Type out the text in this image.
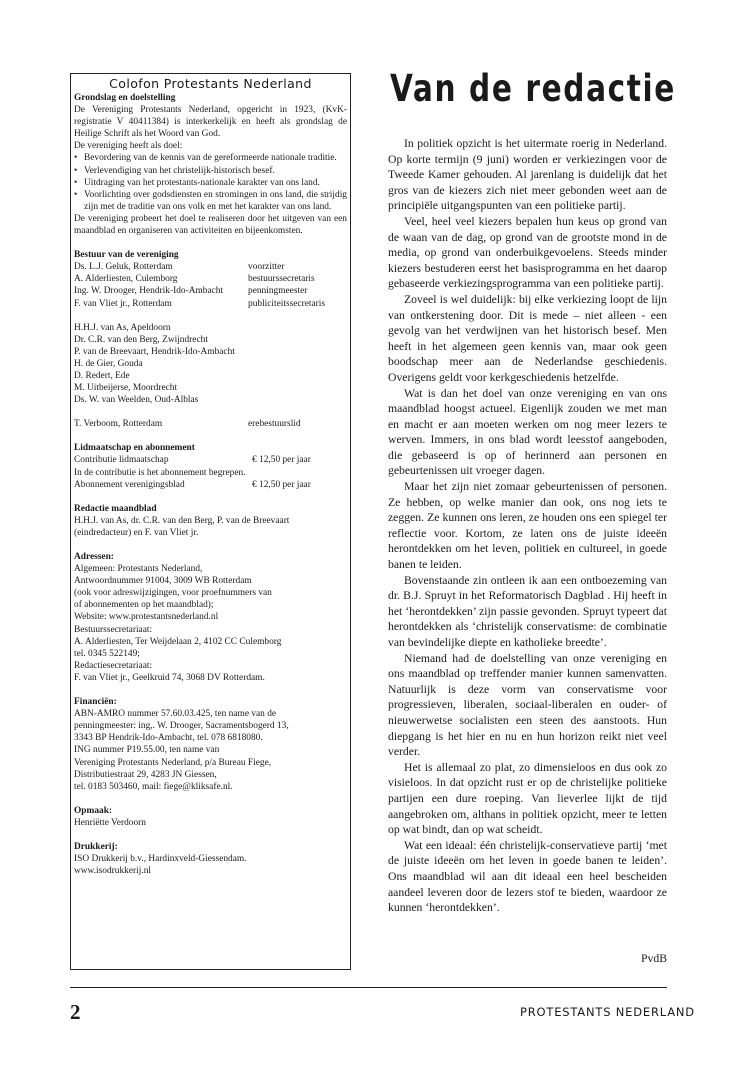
Colofon Protestants Nederland
Grondslag en doelstelling
De Vereniging Protestants Nederland, opgericht in 1923, (KvK-registratie V 40411384) is interkerkelijk en heeft als grondslag de Heilige Schrift als het Woord van God.
De vereniging heeft als doel:
• Bevordering van de kennis van de gereformeerde nationale traditie.
• Verlevendiging van het christelijk-historisch besef.
• Uitdraging van het protestants-nationale karakter van ons land.
• Voorlichting over godsdiensten en stromingen in ons land, die strijdig zijn met de traditie van ons volk en met het karakter van ons land.
De vereniging probeert het doel te realiseren door het uitgeven van een maandblad en organiseren van activiteiten en bijeenkomsten.
Bestuur van de vereniging
Ds. L.J. Geluk, Rotterdam	voorzitter
A. Alderliesten, Culemborg	bestuurssecretaris
Ing. W. Drooger, Hendrik-Ido-Ambacht	penningmeester
F. van Vliet jr., Rotterdam	publiciteitssecretaris
H.H.J. van As, Apeldoorn
Dr. C.R. van den Berg, Zwijndrecht
P. van de Breevaart, Hendrik-Ido-Ambacht
H. de Gier, Gouda
D. Redert, Ede
M. Uitbeijerse, Moordrecht
Ds. W. van Weelden, Oud-Alblas
T. Verboom, Rotterdam	erebestuurslid
Lidmaatschap en abonnement
Contributie lidmaatschap	€ 12,50 per jaar
In de contributie is het abonnement begrepen.
Abonnement verenigingsblad	€ 12,50 per jaar
Redactie maandblad
H.H.J. van As, dr. C.R. van den Berg, P. van de Breevaart (eindredacteur) en F. van Vliet jr.
Adressen:
Algemeen: Protestants Nederland,
Antwoordnummer 91004, 3009 WB Rotterdam
(ook voor adreswijzigingen, voor proefnummers van
of abonnementen op het maandblad);
Website: www.protestantsnederland.nl
Bestuurssecretariaat:
A. Alderliesten, Ter Weijdelaan 2, 4102 CC Culemborg
tel. 0345 522149;
Redactiesecretariaat:
F. van Vliet jr., Geelkruid 74, 3068 DV Rotterdam.
Financiën:
ABN-AMRO nummer 57.60.03.425, ten name van de
penningmeester: ing,. W. Drooger, Sacramentsbogerd 13,
3343 BP Hendrik-Ido-Ambacht, tel. 078 6818080.
ING nummer P19.55.00, ten name van
Vereniging Protestants Nederland, p/a Bureau Fiege,
Distributiestraat 29, 4283 JN Giessen,
tel. 0183 503460, mail: fiege@kliksafe.nl.
Opmaak:
Henriëtte Verdoorn
Drukkerij:
ISO Drukkerij b.v., Hardinxveld-Giessendam.
www.isodrukkerij.nl
Van de redactie

In politiek opzicht is het uitermate roerig in Nederland. Op korte termijn (9 juni) worden er verkiezingen voor de Tweede Kamer gehouden. Al jarenlang is duidelijk dat het gros van de kiezers zich niet meer gebonden weet aan de principiële uitgangspunten van een politieke partij.

Veel, heel veel kiezers bepalen hun keus op grond van de waan van de dag, op grond van de grootste mond in de media, op grond van onderbuikgevoelens. Steeds minder kiezers bestuderen eerst het basisprogramma en het daarop gebaseerde verkiezingsprogramma van een politieke partij.

Zoveel is wel duidelijk: bij elke verkiezing loopt de lijn van ontkerstening door. Dit is mede – niet alleen - een gevolg van het verdwijnen van het historisch besef. Men heeft in het algemeen geen kennis van, maar ook geen boodschap meer aan de Nederlandse geschiedenis. Overigens geldt voor kerkgeschiedenis hetzelfde.

Wat is dan het doel van onze vereniging en van ons maandblad hoogst actueel. Eigenlijk zouden we met man en macht er aan moeten werken om nog meer lezers te werven. Immers, in ons blad wordt leesstof aangeboden, die gebaseerd is op of herinnerd aan personen en gebeurtenissen uit vroeger dagen.

Maar het zijn niet zomaar gebeurtenissen of personen. Ze hebben, op welke manier dan ook, ons nog iets te zeggen. Ze kunnen ons leren, ze houden ons een spiegel ter reflectie voor. Kortom, ze laten ons de juiste ideeën herontdekken om het leven, politiek en cultureel, in goede banen te leiden.

Bovenstaande zin ontleen ik aan een ontboezeming van dr. B.J. Spruyt in het Reformatorisch Dagblad . Hij heeft in het ‘herontdekken’ zijn passie gevonden. Spruyt typeert dat herontdekken als ‘christelijk conservatisme: de combinatie van bevindelijke diepte en katholieke breedte’.

Niemand had de doelstelling van onze vereniging en ons maandblad op treffender manier kunnen samenvatten. Natuurlijk is deze vorm van conservatisme voor progressieven, liberalen, sociaal-liberalen en ouder- of nieuwerwetse socialisten een steen des aanstoots. Hun diepgang is het hier en nu en hun horizon reikt niet veel verder.

Het is allemaal zo plat, zo dimensieloos en dus ook zo visieloos. In dat opzicht rust er op de christelijke politieke partijen een dure roeping. Van lieverlee lijkt de tijd aangebroken om, althans in politiek opzicht, meer te letten op wat bindt, dan op wat scheidt.

Wat een ideaal: één christelijk-conservatieve partij ‘met de juiste ideeën om het leven in goede banen te leiden’. Ons maandblad wil aan dit ideaal een heel bescheiden aandeel leveren door de lezers stof te bieden, waardoor ze kunnen ‘herontdekken’.

PvdB
2	PROTESTANTS NEDERLAND
